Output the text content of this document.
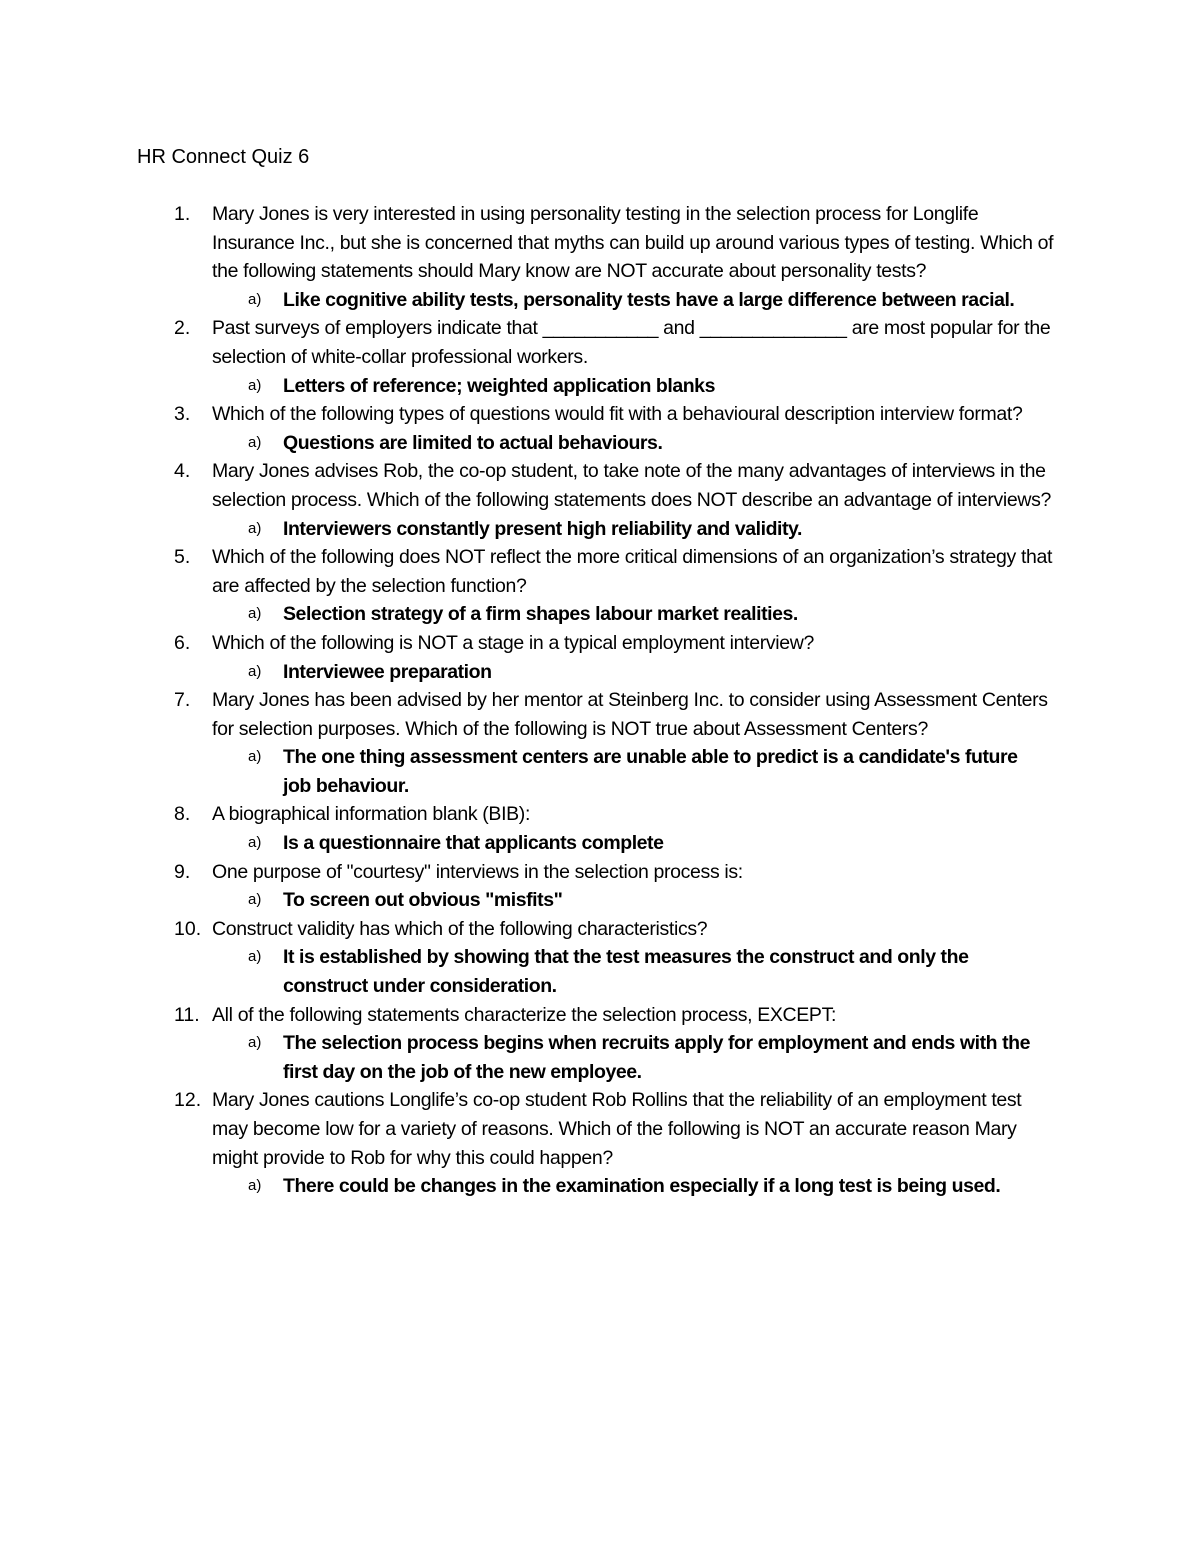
HR Connect Quiz 6
1. Mary Jones is very interested in using personality testing in the selection process for Longlife Insurance Inc., but she is concerned that myths can build up around various types of testing. Which of the following statements should Mary know are NOT accurate about personality tests?
a) Like cognitive ability tests, personality tests have a large difference between racial.
2. Past surveys of employers indicate that ___________ and ______________ are most popular for the selection of white-collar professional workers.
a) Letters of reference; weighted application blanks
3. Which of the following types of questions would fit with a behavioural description interview format?
a) Questions are limited to actual behaviours.
4. Mary Jones advises Rob, the co-op student, to take note of the many advantages of interviews in the selection process. Which of the following statements does NOT describe an advantage of interviews?
a) Interviewers constantly present high reliability and validity.
5. Which of the following does NOT reflect the more critical dimensions of an organization’s strategy that are affected by the selection function?
a) Selection strategy of a firm shapes labour market realities.
6. Which of the following is NOT a stage in a typical employment interview?
a) Interviewee preparation
7. Mary Jones has been advised by her mentor at Steinberg Inc. to consider using Assessment Centers for selection purposes. Which of the following is NOT true about Assessment Centers?
a) The one thing assessment centers are unable able to predict is a candidate's future job behaviour.
8. A biographical information blank (BIB):
a) Is a questionnaire that applicants complete
9. One purpose of "courtesy" interviews in the selection process is:
a) To screen out obvious "misfits"
10. Construct validity has which of the following characteristics?
a) It is established by showing that the test measures the construct and only the construct under consideration.
11. All of the following statements characterize the selection process, EXCEPT:
a) The selection process begins when recruits apply for employment and ends with the first day on the job of the new employee.
12. Mary Jones cautions Longlife’s co-op student Rob Rollins that the reliability of an employment test may become low for a variety of reasons. Which of the following is NOT an accurate reason Mary might provide to Rob for why this could happen?
a) There could be changes in the examination especially if a long test is being used.
